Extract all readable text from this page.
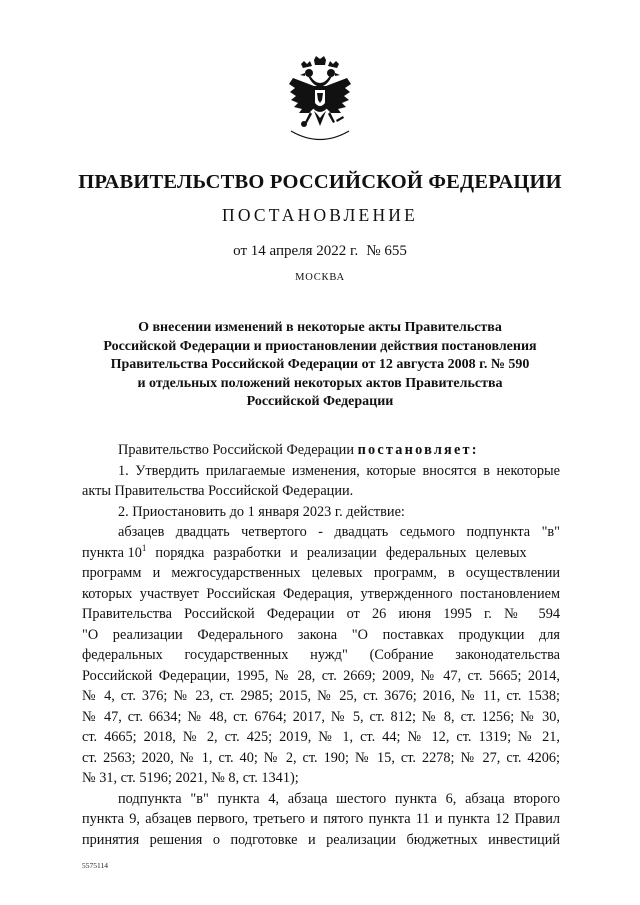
ПРАВИТЕЛЬСТВО РОССИЙСКОЙ ФЕДЕРАЦИИ
ПОСТАНОВЛЕНИЕ
от 14 апреля 2022 г. № 655
МОСКВА
О внесении изменений в некоторые акты Правительства
Российской Федерации и приостановлении действия постановления
Правительства Российской Федерации от 12 августа 2008 г. № 590
и отдельных положений некоторых актов Правительства
Российской Федерации
Правительство Российской Федерации постановляет:
1. Утвердить прилагаемые изменения, которые вносятся в некоторые
акты Правительства Российской Федерации.
2. Приостановить до 1 января 2023 г. действие:
абзацев двадцать четвертого - двадцать седьмого подпункта "в"
пункта $10^1$ порядка разработки и реализации федеральных целевых
программ и межгосударственных целевых программ, в осуществлении
которых участвует Российская Федерация, утвержденного постановлением
Правительства Российской Федерации от 26 июня 1995 г. № 594
"О реализации Федерального закона "О поставках продукции для
федеральных государственных нужд" (Собрание законодательства
Российской Федерации, 1995, № 28, ст. 2669; 2009, № 47, ст. 5665; 2014,
№ 4, ст. 376; № 23, ст. 2985; 2015, № 25, ст. 3676; 2016, № 11, ст. 1538;
№ 47, ст. 6634; № 48, ст. 6764; 2017, № 5, ст. 812; № 8, ст. 1256; № 30,
ст. 4665; 2018, № 2, ст. 425; 2019, № 1, ст. 44; № 12, ст. 1319; № 21,
ст. 2563; 2020, № 1, ст. 40; № 2, ст. 190; № 15, ст. 2278; № 27, ст. 4206;
№ 31, ст. 5196; 2021, № 8, ст. 1341);
подпункта "в" пункта 4, абзаца шестого пункта 6, абзаца второго
пункта 9, абзацев первого, третьего и пятого пункта 11 и пункта 12 Правил
принятия решения о подготовке и реализации бюджетных инвестиций
5575114
